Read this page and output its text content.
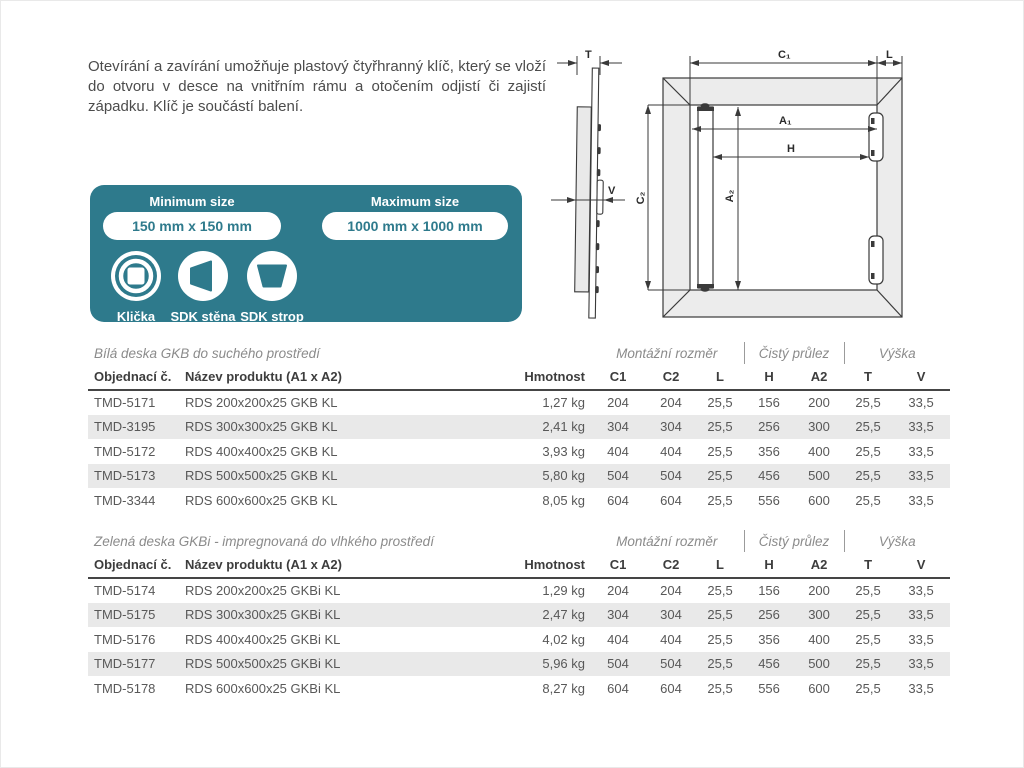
Otevírání a zavírání umožňuje plastový čtyřhranný klíč, který se vloží do otvoru v desce na vnitřním rámu a otočením odjistí či zajistí západku. Klíč je součástí balení.

Minimum size	Maximum size
150 mm x 150 mm	1000 mm x 1000 mm
Klička SDK stěna SDK strop
T
V
C₁	L
A₁
H
C₂	A₂
Bílá deska GKB do suchého prostředí			Montážní rozměr			Čistý průlez		Výška	
Objednací č.	Název produktu (A1 x A2)	Hmotnost	C1	C2	L	H	A2	T	V
TMD-5171	RDS 200x200x25 GKB KL	1,27 kg	204	204	25,5	156	200	25,5	33,5
TMD-3195	RDS 300x300x25 GKB KL	2,41 kg	304	304	25,5	256	300	25,5	33,5
TMD-5172	RDS 400x400x25 GKB KL	3,93 kg	404	404	25,5	356	400	25,5	33,5
TMD-5173	RDS 500x500x25 GKB KL	5,80 kg	504	504	25,5	456	500	25,5	33,5
TMD-3344	RDS 600x600x25 GKB KL	8,05 kg	604	604	25,5	556	600	25,5	33,5
Zelená deska GKBi - impregnovaná do vlhkého prostředí			Montážní rozměr			Čistý průlez		Výška	
Objednací č.	Název produktu (A1 x A2)	Hmotnost	C1	C2	L	H	A2	T	V
TMD-5174	RDS 200x200x25 GKBi KL	1,29 kg	204	204	25,5	156	200	25,5	33,5
TMD-5175	RDS 300x300x25 GKBi KL	2,47 kg	304	304	25,5	256	300	25,5	33,5
TMD-5176	RDS 400x400x25 GKBi KL	4,02 kg	404	404	25,5	356	400	25,5	33,5
TMD-5177	RDS 500x500x25 GKBi KL	5,96 kg	504	504	25,5	456	500	25,5	33,5
TMD-5178	RDS 600x600x25 GKBi KL	8,27 kg	604	604	25,5	556	600	25,5	33,5
